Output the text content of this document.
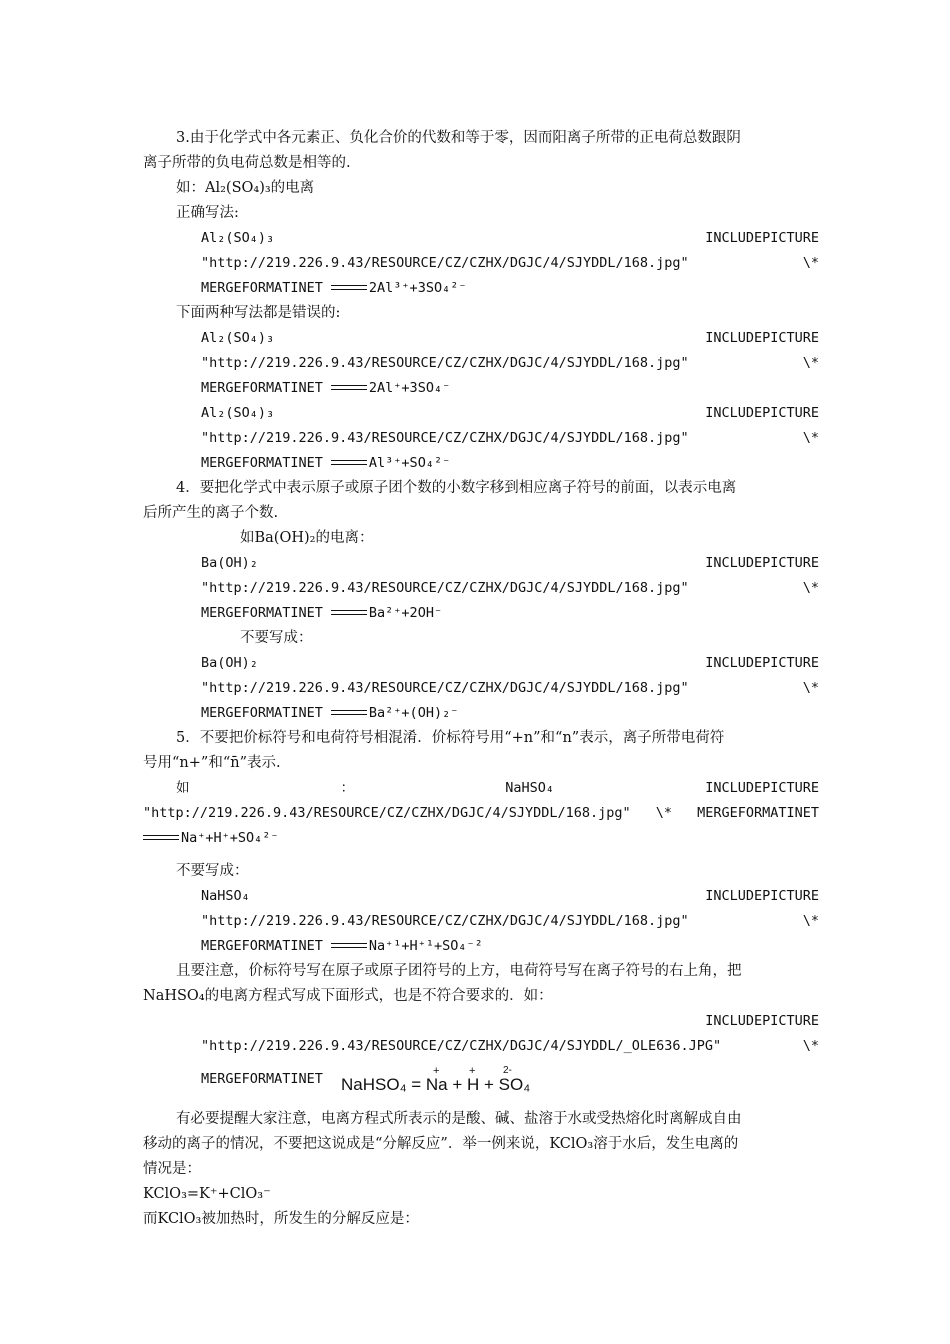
3.由于化学式中各元素正、负化合价的代数和等于零，因而阳离子所带的正电荷总数跟阴
离子所带的负电荷总数是相等的.
如：Al₂(SO₄)₃的电离
正确写法:
Al₂(SO₄)₃	INCLUDEPICTURE
"http://219.226.9.43/RESOURCE/CZ/CZHX/DGJC/4/SJYDDL/168.jpg"	\*
MERGEFORMATINET	2Al³⁺+3SO₄²⁻
下面两种写法都是错误的:
Al₂(SO₄)₃	INCLUDEPICTURE
"http://219.226.9.43/RESOURCE/CZ/CZHX/DGJC/4/SJYDDL/168.jpg"	\*
MERGEFORMATINET	2Al⁺+3SO₄⁻
Al₂(SO₄)₃	INCLUDEPICTURE
"http://219.226.9.43/RESOURCE/CZ/CZHX/DGJC/4/SJYDDL/168.jpg"	\*
MERGEFORMATINET	Al³⁺+SO₄²⁻
4．要把化学式中表示原子或原子团个数的小数字移到相应离子符号的前面，以表示电离
后所产生的离子个数.
如Ba(OH)₂的电离：
Ba(OH)₂	INCLUDEPICTURE
"http://219.226.9.43/RESOURCE/CZ/CZHX/DGJC/4/SJYDDL/168.jpg"	\*
MERGEFORMATINET	Ba²⁺+2OH⁻
不要写成：
Ba(OH)₂	INCLUDEPICTURE
"http://219.226.9.43/RESOURCE/CZ/CZHX/DGJC/4/SJYDDL/168.jpg"	\*
MERGEFORMATINET	Ba²⁺+(OH)₂⁻
5．不要把价标符号和电荷符号相混淆．价标符号用“+n”和“n”表示，离子所带电荷符
号用“n+”和“n̄”表示.
如	：	NaHSO₄	INCLUDEPICTURE
"http://219.226.9.43/RESOURCE/CZ/CZHX/DGJC/4/SJYDDL/168.jpg" \* MERGEFORMATINET
Na⁺+H⁺+SO₄²⁻
不要写成：
NaHSO₄	INCLUDEPICTURE
"http://219.226.9.43/RESOURCE/CZ/CZHX/DGJC/4/SJYDDL/168.jpg"	\*
MERGEFORMATINET	Na⁺¹+H⁺¹+SO₄⁻²
且要注意，价标符号写在原子或原子团符号的上方，电荷符号写在离子符号的右上角，把
NaHSO₄的电离方程式写成下面形式，也是不符合要求的．如：
INCLUDEPICTURE
"http://219.226.9.43/RESOURCE/CZ/CZHX/DGJC/4/SJYDDL/_OLE636.JPG"	\*
MERGEFORMATINET NaHSO₄ = Na + H + SO₄
+	+	2-
有必要提醒大家注意，电离方程式所表示的是酸、碱、盐溶于水或受热熔化时离解成自由
移动的离子的情况，不要把这说成是“分解反应”．举一例来说，KClO₃溶于水后，发生电离的
情况是：
KClO₃=K⁺+ClO₃⁻
而KClO₃被加热时，所发生的分解反应是：
